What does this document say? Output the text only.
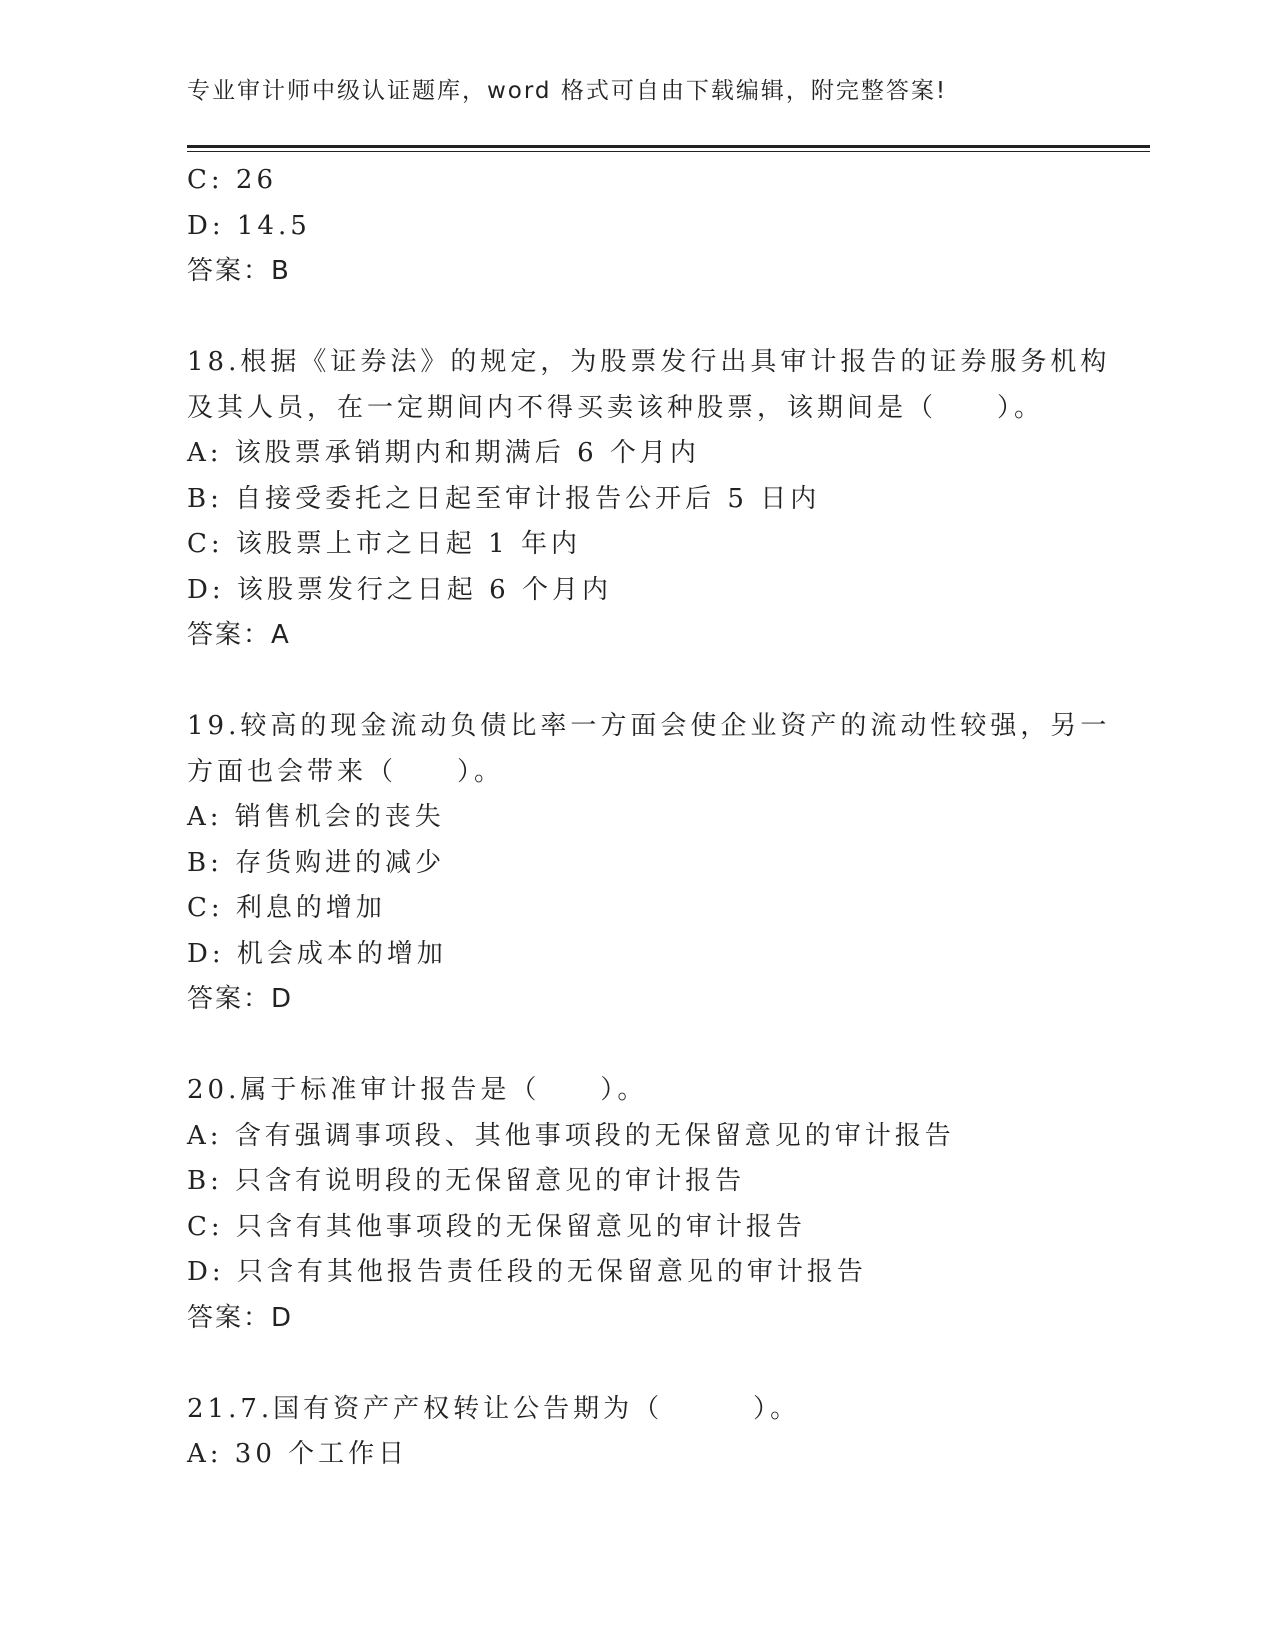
专业审计师中级认证题库，word 格式可自由下载编辑，附完整答案!
C: 26
D: 14.5
答案：B
18.根据《证券法》的规定，为股票发行出具审计报告的证券服务机构
及其人员，在一定期间内不得买卖该种股票，该期间是（　　）。
A: 该股票承销期内和期满后 6 个月内
B: 自接受委托之日起至审计报告公开后 5 日内
C: 该股票上市之日起 1 年内
D: 该股票发行之日起 6 个月内
答案：A
19.较高的现金流动负债比率一方面会使企业资产的流动性较强，另一
方面也会带来（　　）。
A: 销售机会的丧失
B: 存货购进的减少
C: 利息的增加
D: 机会成本的增加
答案：D
20.属于标准审计报告是（　　）。
A: 含有强调事项段、其他事项段的无保留意见的审计报告
B: 只含有说明段的无保留意见的审计报告
C: 只含有其他事项段的无保留意见的审计报告
D: 只含有其他报告责任段的无保留意见的审计报告
答案：D
21.7.国有资产产权转让公告期为（　　　）。
A: 30 个工作日
